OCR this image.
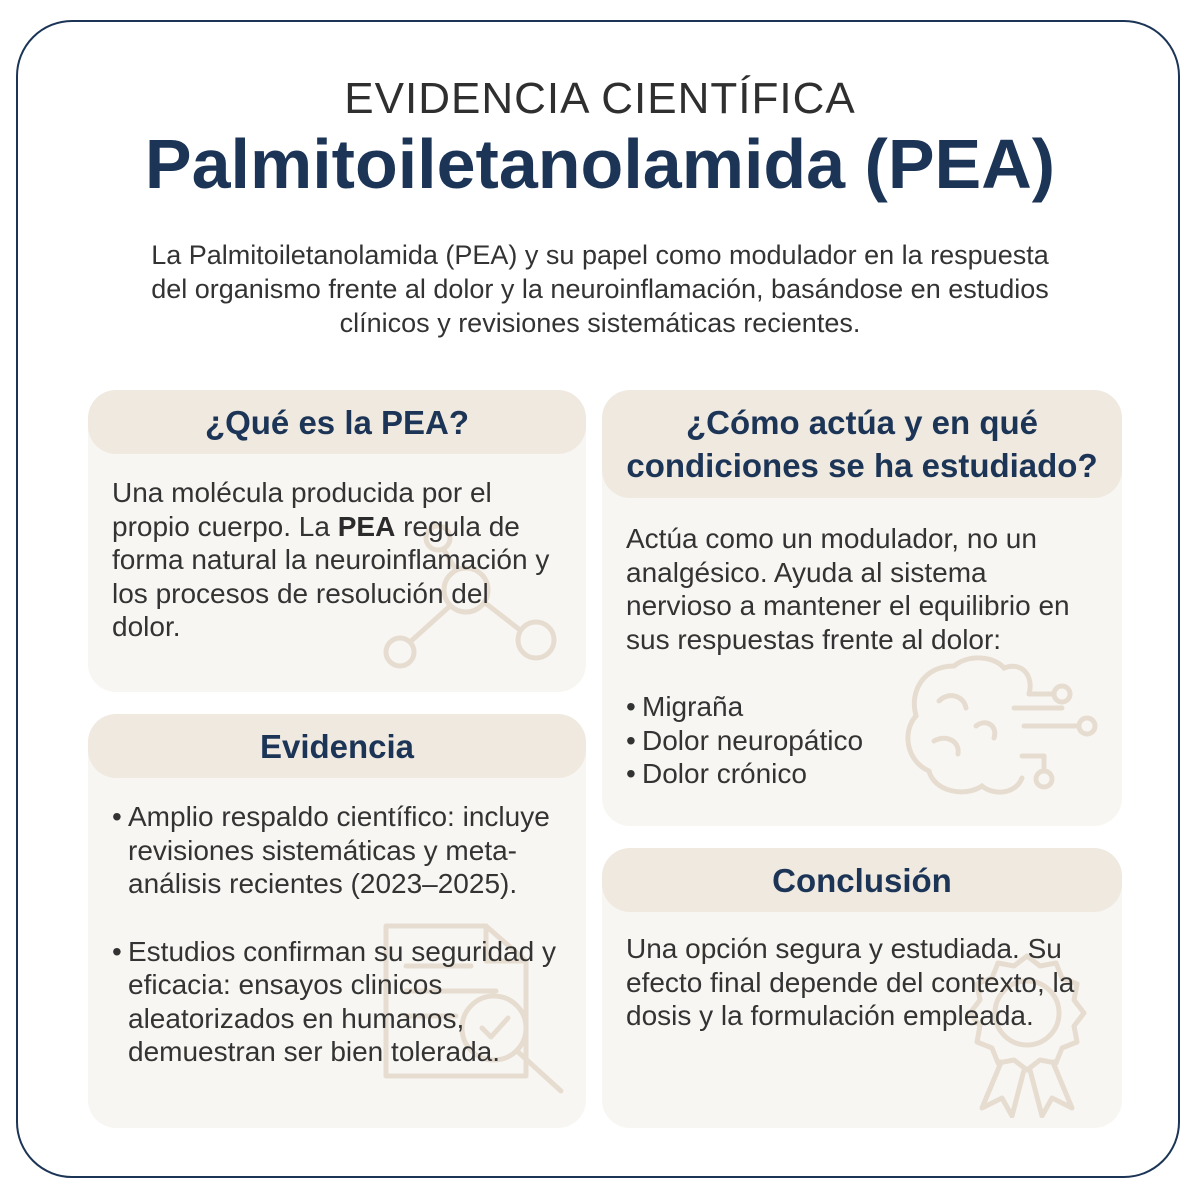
EVIDENCIA CIENTÍFICA
Palmitoiletanolamida (PEA)
La Palmitoiletanolamida (PEA) y su papel como modulador en la respuesta del organismo frente al dolor y la neuroinflamación, basándose en estudios clínicos y revisiones sistemáticas recientes.
¿Qué es la PEA?
Una molécula producida por el propio cuerpo. La PEA regula de forma natural la neuroinflamación y los procesos de resolución del dolor.
¿Cómo actúa y en qué condiciones se ha estudiado?
Actúa como un modulador, no un analgésico. Ayuda al sistema nervioso a mantener el equilibrio en sus respuestas frente al dolor:
• Migraña
• Dolor neuropático
• Dolor crónico
Evidencia
• Amplio respaldo científico: incluye revisiones sistemáticas y meta-análisis recientes (2023–2025).
• Estudios confirman su seguridad y eficacia: ensayos clinicos aleatorizados en humanos, demuestran ser bien tolerada.
Conclusión
Una opción segura y estudiada. Su efecto final depende del contexto, la dosis y la formulación empleada.
